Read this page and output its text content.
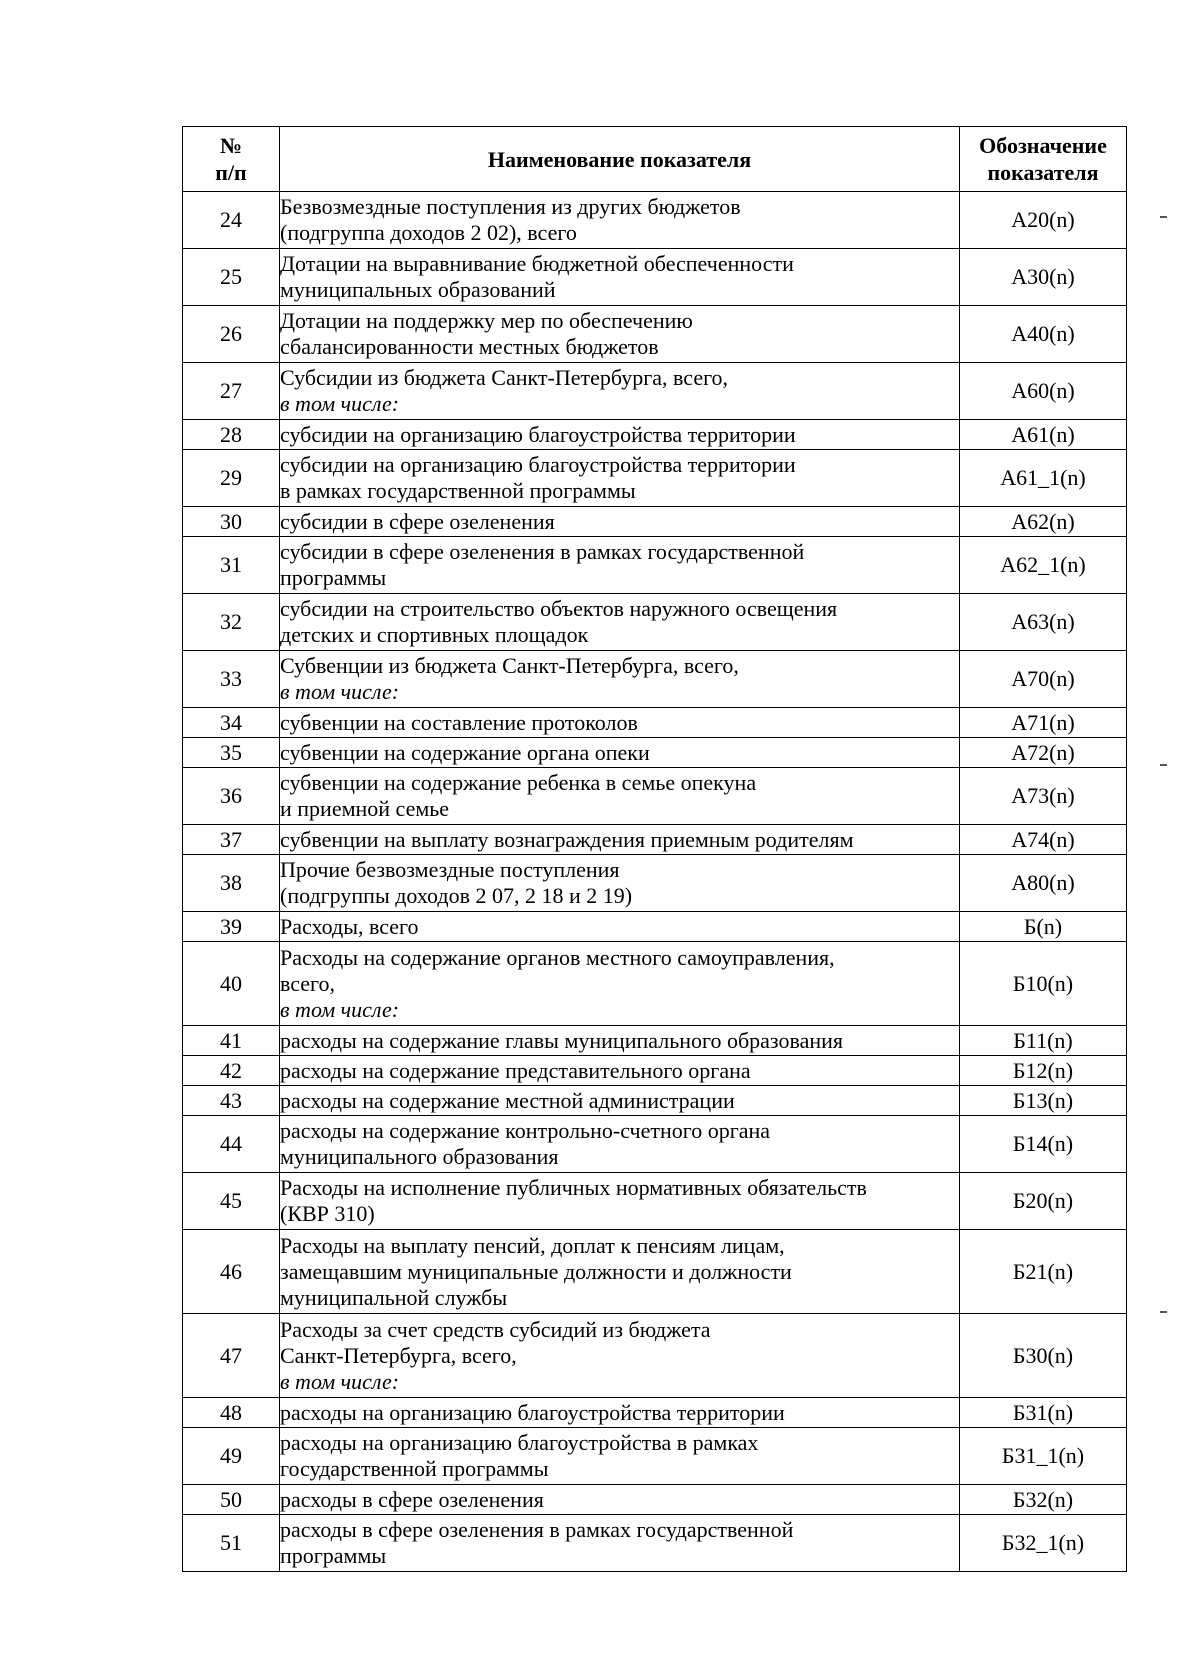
№
п/п	Наименование показателя	Обозначение
показателя

24	Безвозмездные поступления из других бюджетов
(подгруппа доходов 2 02), всего	А20(n)
25	Дотации на выравнивание бюджетной обеспеченности
муниципальных образований	А30(n)
26	Дотации на поддержку мер по обеспечению
сбалансированности местных бюджетов	А40(n)
27	Субсидии из бюджета Санкт-Петербурга, всего,
в том числе:	А60(n)
28	субсидии на организацию благоустройства территории	А61(n)
29	субсидии на организацию благоустройства территории
в рамках государственной программы	А61_1(n)
30	субсидии в сфере озеленения	А62(n)
31	субсидии в сфере озеленения в рамках государственной
программы	А62_1(n)
32	субсидии на строительство объектов наружного освещения
детских и спортивных площадок	А63(n)
33	Субвенции из бюджета Санкт-Петербурга, всего,
в том числе:	А70(n)
34	субвенции на составление протоколов	А71(n)
35	субвенции на содержание органа опеки	А72(n)
36	субвенции на содержание ребенка в семье опекуна
и приемной семье	А73(n)
37	субвенции на выплату вознаграждения приемным родителям	А74(n)
38	Прочие безвозмездные поступления
(подгруппы доходов 2 07, 2 18 и 2 19)	А80(n)
39	Расходы, всего	Б(n)
40	Расходы на содержание органов местного самоуправления,
всего,
в том числе:	Б10(n)
41	расходы на содержание главы муниципального образования	Б11(n)
42	расходы на содержание представительного органа	Б12(n)
43	расходы на содержание местной администрации	Б13(n)
44	расходы на содержание контрольно-счетного органа
муниципального образования	Б14(n)
45	Расходы на исполнение публичных нормативных обязательств
(КВР 310)	Б20(n)
46	Расходы на выплату пенсий, доплат к пенсиям лицам,
замещавшим муниципальные должности и должности
муниципальной службы	Б21(n)
47	Расходы за счет средств субсидий из бюджета
Санкт-Петербурга, всего,
в том числе:	Б30(n)
48	расходы на организацию благоустройства территории	Б31(n)
49	расходы на организацию благоустройства в рамках
государственной программы	Б31_1(n)
50	расходы в сфере озеленения	Б32(n)
51	расходы в сфере озеленения в рамках государственной
программы	Б32_1(n)
